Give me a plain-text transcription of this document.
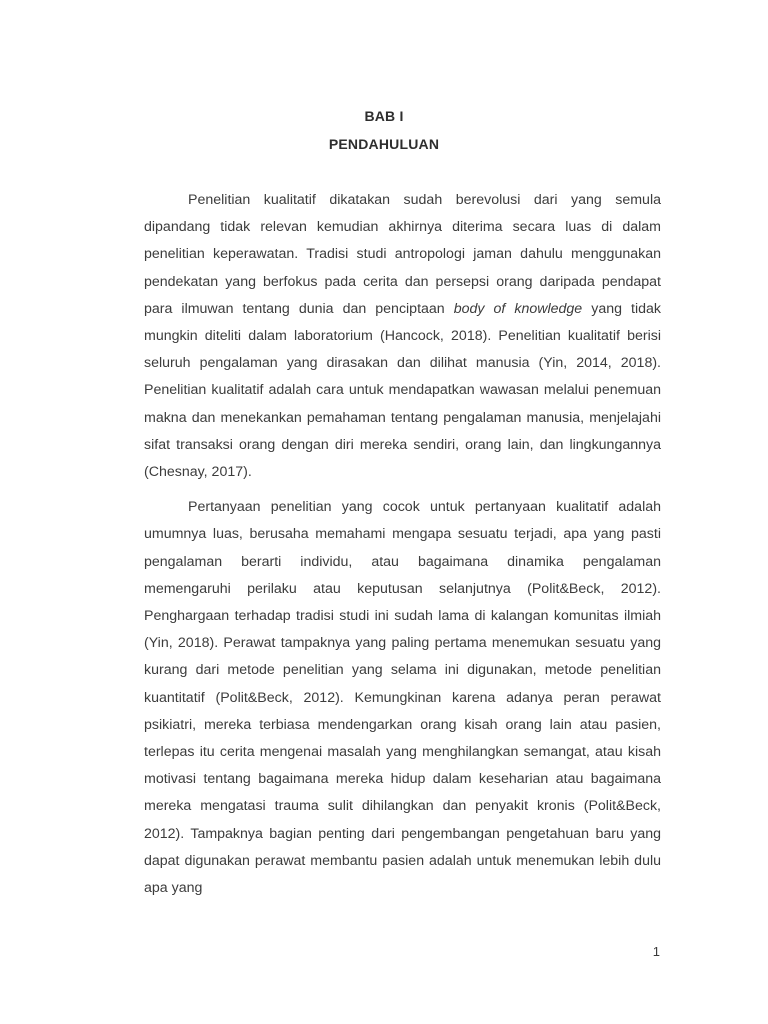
BAB I
PENDAHULUAN

Penelitian kualitatif dikatakan sudah berevolusi dari yang semula dipandang tidak relevan kemudian akhirnya diterima secara luas di dalam penelitian keperawatan. Tradisi studi antropologi jaman dahulu menggunakan pendekatan yang berfokus pada cerita dan persepsi orang daripada pendapat para ilmuwan tentang dunia dan penciptaan body of knowledge yang tidak mungkin diteliti dalam laboratorium (Hancock, 2018). Penelitian kualitatif berisi seluruh pengalaman yang dirasakan dan dilihat manusia (Yin, 2014, 2018). Penelitian kualitatif adalah cara untuk mendapatkan wawasan melalui penemuan makna dan menekankan pemahaman tentang pengalaman manusia, menjelajahi sifat transaksi orang dengan diri mereka sendiri, orang lain, dan lingkungannya (Chesnay, 2017).

Pertanyaan penelitian yang cocok untuk pertanyaan kualitatif adalah umumnya luas, berusaha memahami mengapa sesuatu terjadi, apa yang pasti pengalaman berarti individu, atau bagaimana dinamika pengalaman memengaruhi perilaku atau keputusan selanjutnya (Polit&Beck, 2012). Penghargaan terhadap tradisi studi ini sudah lama di kalangan komunitas ilmiah (Yin, 2018). Perawat tampaknya yang paling pertama menemukan sesuatu yang kurang dari metode penelitian yang selama ini digunakan, metode penelitian kuantitatif (Polit&Beck, 2012). Kemungkinan karena adanya peran perawat psikiatri, mereka terbiasa mendengarkan orang kisah orang lain atau pasien, terlepas itu cerita mengenai masalah yang menghilangkan semangat, atau kisah motivasi tentang bagaimana mereka hidup dalam keseharian atau bagaimana mereka mengatasi trauma sulit dihilangkan dan penyakit kronis (Polit&Beck, 2012). Tampaknya bagian penting dari pengembangan pengetahuan baru yang dapat digunakan perawat membantu pasien adalah untuk menemukan lebih dulu apa yang

1
